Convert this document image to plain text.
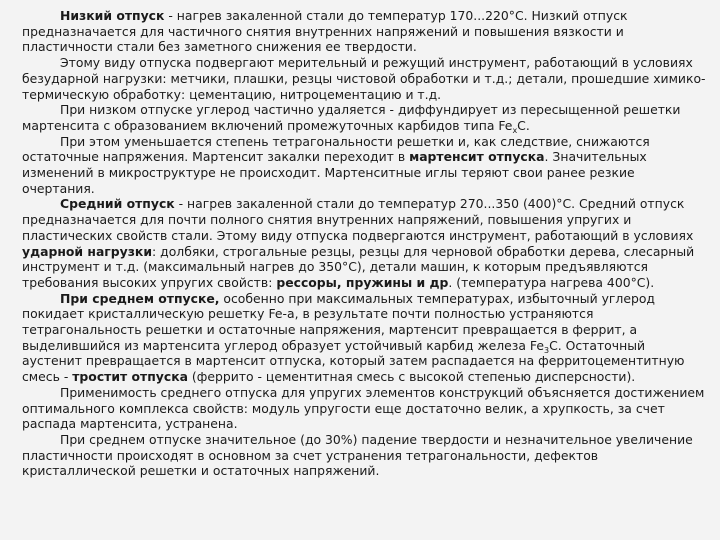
Низкий отпуск - нагрев закаленной стали до температур 170...220°С. Низкий отпуск предназначается для частичного снятия внутренних напряжений и повышения вязкости и пластичности стали без заметного снижения ее твердости.

Этому виду отпуска подвергают мерительный и режущий инструмент, работающий в условиях безударной нагрузки: метчики, плашки, резцы чистовой обработки и т.д.; детали, прошедшие химико-термическую обработку: цементацию, нитроцементацию и т.д.

При низком отпуске углерод частично удаляется - диффундирует из пересыщенной решетки мартенсита с образованием включений промежуточных карбидов типа $Fe_xC$.

При этом уменьшается степень тетрагональности решетки и, как следствие, снижаются остаточные напряжения. Мартенсит закалки переходит в мартенсит отпуска. Значительных изменений в микроструктуре не происходит. Мартенситные иглы теряют свои ранее резкие очертания.

Средний отпуск - нагрев закаленной стали до температур 270...350 (400)°С. Средний отпуск предназначается для почти полного снятия внутренних напряжений, повышения упругих и пластических свойств стали. Этому виду отпуска подвергаются инструмент, работающий в условиях ударной нагрузки: долбяки, строгальные резцы, резцы для черновой обработки дерева, слесарный инструмент и т.д. (максимальный нагрев до 350°С), детали машин, к которым предъявляются требования высоких упругих свойств: рессоры, пружины и др. (температура нагрева 400°С).

При среднем отпуске, особенно при максимальных температурах, избыточный углерод покидает кристаллическую решетку Fe-a, в результате почти полностью устраняются тетрагональность решетки и остаточные напряжения, мартенсит превращается в феррит, а выделившийся из мартенсита углерод образует устойчивый карбид железа $Fe_3С$. Остаточный аустенит превращается в мартенсит отпуска, который затем распадается на ферритоцементитную смесь - тростит отпуска (феррито - цементитная смесь с высокой степенью дисперсности).

Применимость среднего отпуска для упругих элементов конструкций объясняется достижением оптимального комплекса свойств: модуль упругости еще достаточно велик, а хрупкость, за счет распада мартенсита, устранена.

При среднем отпуске значительное (до 30%) падение твердости и незначительное увеличение пластичности происходят в основном за счет устранения тетрагональности, дефектов кристаллической решетки и остаточных напряжений.
